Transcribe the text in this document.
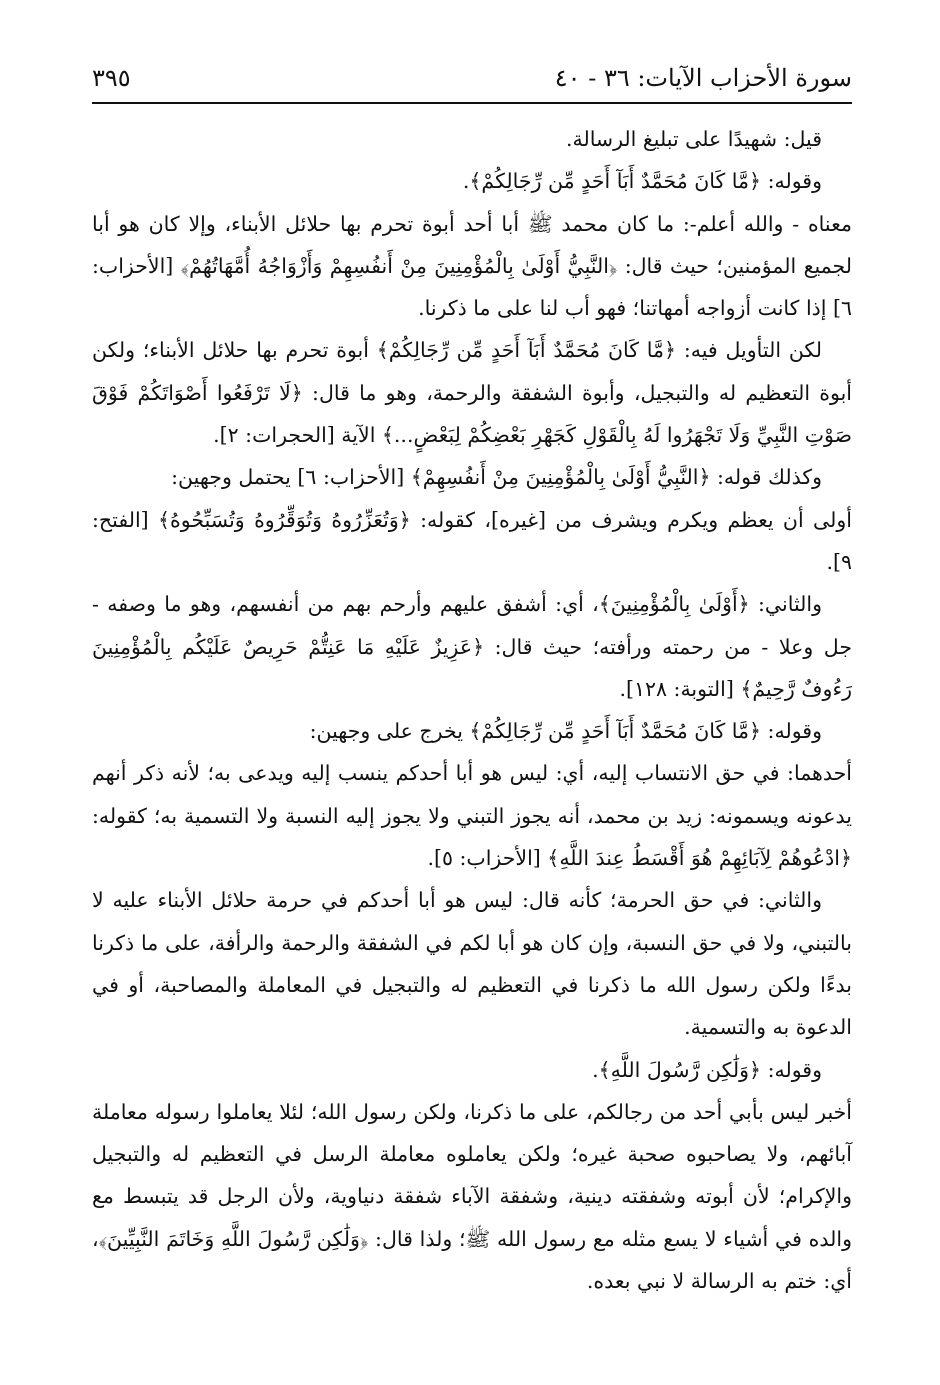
سورة الأحزاب الآيات: ٣٦ - ٤٠
٣٩٥

قيل: شهيدًا على تبليغ الرسالة.

وقوله: ﴿مَّا كَانَ مُحَمَّدٌ أَبَآ أَحَدٍ مِّن رِّجَالِكُمْ﴾.

معناه - والله أعلم-: ما كان محمد ﷺ أبا أحد أبوة تحرم بها حلائل الأبناء، وإلا كان هو أبا لجميع المؤمنين؛ حيث قال: ﴿النَّبِيُّ أَوْلَىٰ بِالْمُؤْمِنِينَ مِنْ أَنفُسِهِمْ وَأَزْوَاجُهُ أُمَّهَاتُهُمْ﴾ [الأحزاب: ٦] إذا كانت أزواجه أمهاتنا؛ فهو أب لنا على ما ذكرنا.

لكن التأويل فيه: ﴿مَّا كَانَ مُحَمَّدٌ أَبَآ أَحَدٍ مِّن رِّجَالِكُمْ﴾ أبوة تحرم بها حلائل الأبناء؛ ولكن أبوة التعظيم له والتبجيل، وأبوة الشفقة والرحمة، وهو ما قال: ﴿لَا تَرْفَعُوا أَصْوَاتَكُمْ فَوْقَ صَوْتِ النَّبِيِّ وَلَا تَجْهَرُوا لَهُ بِالْقَوْلِ كَجَهْرِ بَعْضِكُمْ لِبَعْضٍ...﴾ الآية [الحجرات: ٢].

وكذلك قوله: ﴿النَّبِيُّ أَوْلَىٰ بِالْمُؤْمِنِينَ مِنْ أَنفُسِهِمْ﴾ [الأحزاب: ٦] يحتمل وجهين:

أولى أن يعظم ويكرم ويشرف من [غيره]، كقوله: ﴿وَتُعَزِّرُوهُ وَتُوَقِّرُوهُ وَتُسَبِّحُوهُ﴾ [الفتح: ٩].

والثاني: ﴿أَوْلَىٰ بِالْمُؤْمِنِينَ﴾، أي: أشفق عليهم وأرحم بهم من أنفسهم، وهو ما وصفه - جل وعلا - من رحمته ورأفته؛ حيث قال: ﴿عَزِيزٌ عَلَيْهِ مَا عَنِتُّمْ حَرِيصٌ عَلَيْكُم بِالْمُؤْمِنِينَ رَءُوفٌ رَّحِيمٌ﴾ [التوبة: ١٢٨].

وقوله: ﴿مَّا كَانَ مُحَمَّدٌ أَبَآ أَحَدٍ مِّن رِّجَالِكُمْ﴾ يخرج على وجهين:

أحدهما: في حق الانتساب إليه، أي: ليس هو أبا أحدكم ينسب إليه ويدعى به؛ لأنه ذكر أنهم يدعونه ويسمونه: زيد بن محمد، أنه يجوز التبني ولا يجوز إليه النسبة ولا التسمية به؛ كقوله: ﴿ادْعُوهُمْ لِآبَائِهِمْ هُوَ أَقْسَطُ عِندَ اللَّهِ﴾ [الأحزاب: ٥].

والثاني: في حق الحرمة؛ كأنه قال: ليس هو أبا أحدكم في حرمة حلائل الأبناء عليه لا بالتبني، ولا في حق النسبة، وإن كان هو أبا لكم في الشفقة والرحمة والرأفة، على ما ذكرنا بدءًا ولكن رسول الله ما ذكرنا في التعظيم له والتبجيل في المعاملة والمصاحبة، أو في الدعوة به والتسمية.

وقوله: ﴿وَلَٰكِن رَّسُولَ اللَّهِ﴾.

أخبر ليس بأبي أحد من رجالكم، على ما ذكرنا، ولكن رسول الله؛ لئلا يعاملوا رسوله معاملة آبائهم، ولا يصاحبوه صحبة غيره؛ ولكن يعاملوه معاملة الرسل في التعظيم له والتبجيل والإكرام؛ لأن أبوته وشفقته دينية، وشفقة الآباء شفقة دنياوية، ولأن الرجل قد يتبسط مع والده في أشياء لا يسع مثله مع رسول الله ﷺ؛ ولذا قال: ﴿وَلَٰكِن رَّسُولَ اللَّهِ وَخَاتَمَ النَّبِيِّينَ﴾، أي: ختم به الرسالة لا نبي بعده.
